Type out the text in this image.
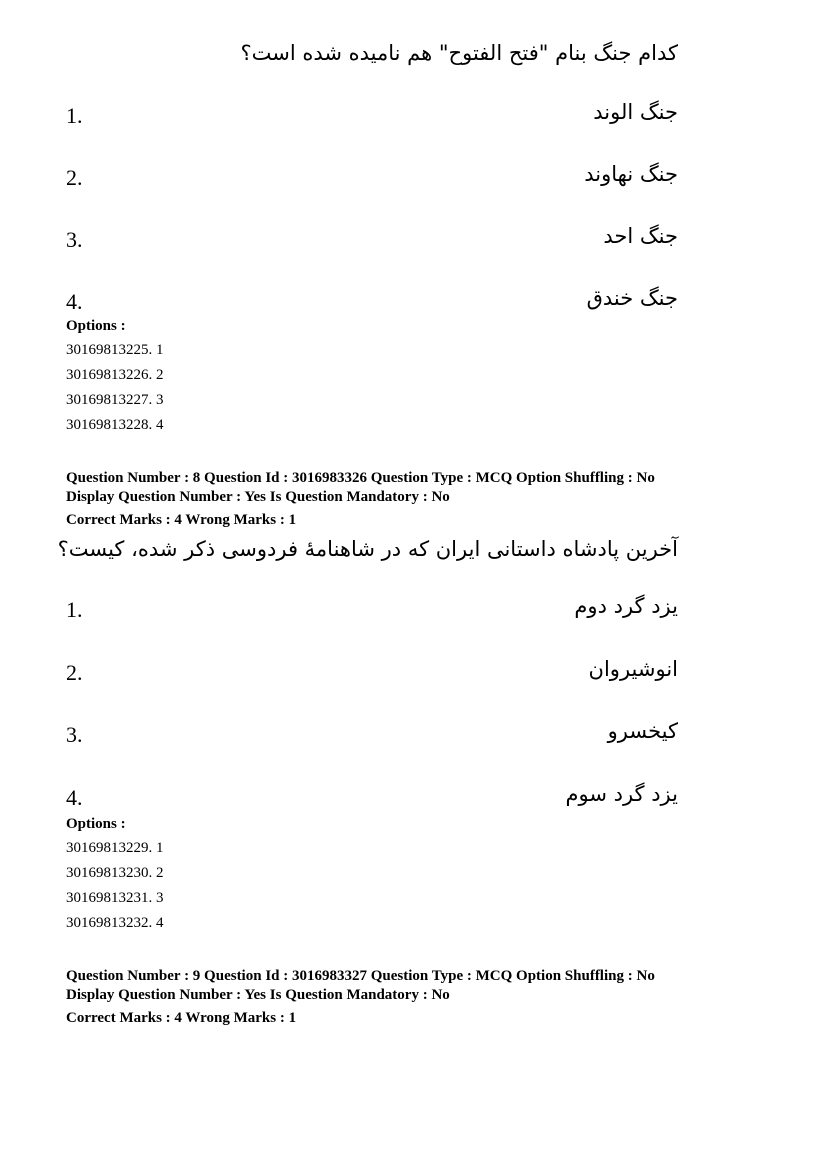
کدام جنگ بنام "فتح الفتوح" هم نامیده شده است؟
1.	جنگ الوند
2.	جنگ نهاوند
3.	جنگ احد
4.	جنگ خندق
Options :
30169813225. 1
30169813226. 2
30169813227. 3
30169813228. 4
Question Number : 8 Question Id : 3016983326 Question Type : MCQ Option Shuffling : No
Display Question Number : Yes Is Question Mandatory : No
Correct Marks : 4 Wrong Marks : 1
آخرین پادشاه داستانی ایران که در شاهنامهٔ فردوسی ذکر شده، کیست؟
1.	یزد گرد دوم
2.	انوشیروان
3.	کیخسرو
4.	یزد گرد سوم
Options :
30169813229. 1
30169813230. 2
30169813231. 3
30169813232. 4
Question Number : 9 Question Id : 3016983327 Question Type : MCQ Option Shuffling : No
Display Question Number : Yes Is Question Mandatory : No
Correct Marks : 4 Wrong Marks : 1
